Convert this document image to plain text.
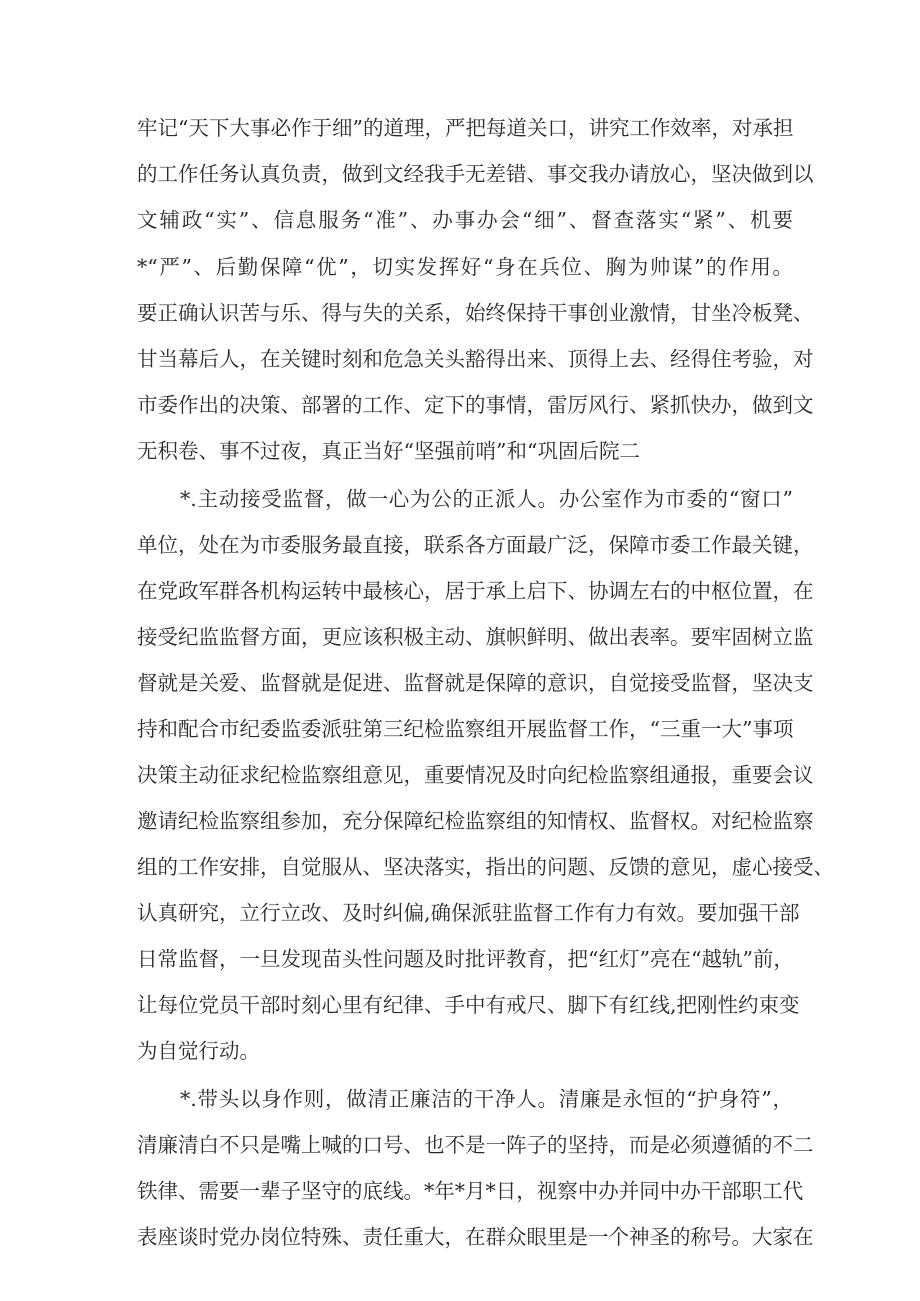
牢记“天下大事必作于细”的道理，严把每道关口，讲究工作效率，对承担
的工作任务认真负责，做到文经我手无差错、事交我办请放心，坚决做到以
文辅政“实”、信息服务“准”、办事办会“细”、督查落实“紧”、机要
*“严”、后勤保障“优”，切实发挥好“身在兵位、胸为帅谋”的作用。
要正确认识苦与乐、得与失的关系，始终保持干事创业激情，甘坐冷板凳、
甘当幕后人，在关键时刻和危急关头豁得出来、顶得上去、经得住考验，对
市委作出的决策、部署的工作、定下的事情，雷厉风行、紧抓快办，做到文
无积卷、事不过夜，真正当好“坚强前哨”和“巩固后院二
*.主动接受监督，做一心为公的正派人。办公室作为市委的“窗口”
单位，处在为市委服务最直接，联系各方面最广泛，保障市委工作最关键，
在党政军群各机构运转中最核心，居于承上启下、协调左右的中枢位置，在
接受纪监监督方面，更应该积极主动、旗帜鲜明、做出表率。要牢固树立监
督就是关爱、监督就是促进、监督就是保障的意识，自觉接受监督，坚决支
持和配合市纪委监委派驻第三纪检监察组开展监督工作，“三重一大”事项
决策主动征求纪检监察组意见，重要情况及时向纪检监察组通报，重要会议
邀请纪检监察组参加，充分保障纪检监察组的知情权、监督权。对纪检监察
组的工作安排，自觉服从、坚决落实，指出的问题、反馈的意见，虚心接受、
认真研究，立行立改、及时纠偏,确保派驻监督工作有力有效。要加强干部
日常监督，一旦发现苗头性问题及时批评教育，把“红灯”亮在“越轨”前，
让每位党员干部时刻心里有纪律、手中有戒尺、脚下有红线,把刚性约束变
为自觉行动。
*.带头以身作则，做清正廉洁的干净人。清廉是永恒的“护身符”，
清廉清白不只是嘴上喊的口号、也不是一阵子的坚持，而是必须遵循的不二
铁律、需要一辈子坚守的底线。*年*月*日，视察中办并同中办干部职工代
表座谈时党办岗位特殊、责任重大，在群众眼里是一个神圣的称号。大家在
